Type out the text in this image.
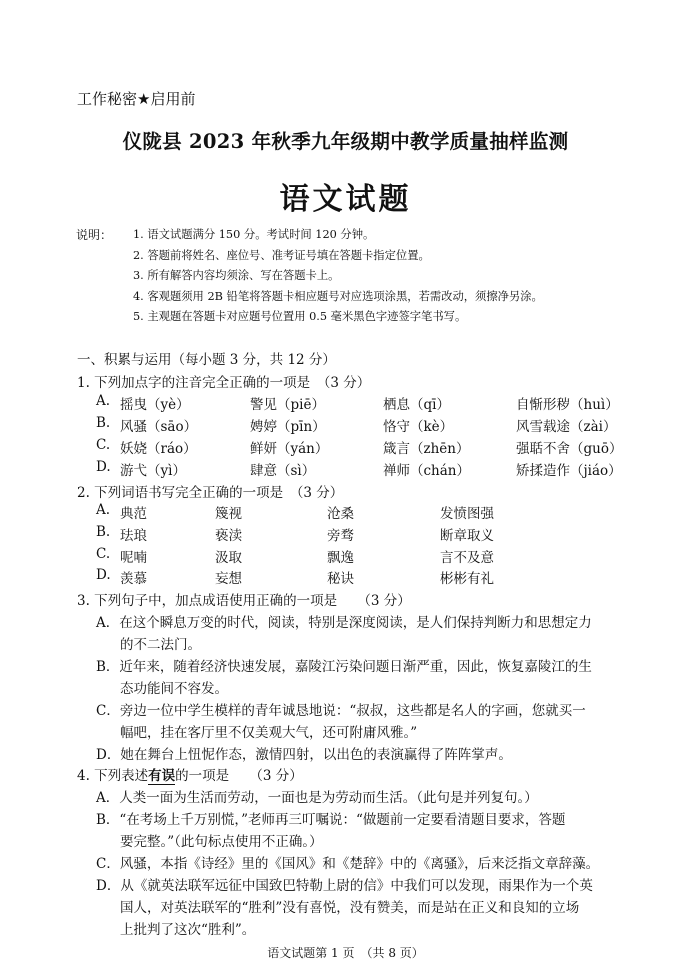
工作秘密★启用前
仪陇县 2023 年秋季九年级期中教学质量抽样监测
语文试题
说明： 1. 语文试题满分 150 分。考试时间 120 分钟。
2. 答题前将姓名、座位号、准考证号填在答题卡指定位置。
3. 所有解答内容均须涂、写在答题卡上。
4. 客观题须用 2B 铅笔将答题卡相应题号对应选项涂黑，若需改动，须擦净另涂。
5. 主观题在答题卡对应题号位置用 0.5 毫米黑色字迹签字笔书写。
一、积累与运用（每小题 3 分，共 12 分）
1. 下列加点字的注音完全正确的一项是　（3 分）
A. 摇曳（yè）	警见（piē）	栖息（qī）	自惭形秽（huì）
B. 风骚（sāo）	娉婷（pīn）	恪守（kè）	风雪载途（zài）
C. 妖娆（ráo）	鲜妍（yán）	箴言（zhēn）	强聒不舍（guō）
D. 游弋（yì）	肆意（sì）	禅师（chán）	矫揉造作（jiáo）
2. 下列词语书写完全正确的一项是　（3 分）
A. 典范	篾视	沧桑	发愤图强
B. 珐琅	亵渎	旁骛	断章取义
C. 呢喃	汲取	飘逸	言不及意
D. 羡慕	妄想	秘诀	彬彬有礼
3. 下列句子中，加点成语使用正确的一项是　　（3 分）
A．在这个瞬息万变的时代，阅读，特别是深度阅读，是人们保持判断力和思想定力
的不二法门。
B．近年来，随着经济快速发展，嘉陵江污染问题日渐严重，因此，恢复嘉陵江的生
态功能间不容发。
C．旁边一位中学生模样的青年诚恳地说：“叔叔，这些都是名人的字画，您就买一
幅吧，挂在客厅里不仅美观大气，还可附庸风雅。”
D．她在舞台上忸怩作态，激情四射，以出色的表演赢得了阵阵掌声。
4. 下列表述有误的一项是　　（3 分）
A．人类一面为生活而劳动，一面也是为劳动而生活。（此句是并列复句。）
B．“在考场上千万别慌，”老师再三叮嘱说：“做题前一定要看清题目要求，答题
要完整。”（此句标点使用不正确。）
C．风骚，本指《诗经》里的《国风》和《楚辞》中的《离骚》，后来泛指文章辞藻。
D．从《就英法联军远征中国致巴特勒上尉的信》中我们可以发现，雨果作为一个英
国人，对英法联军的“胜利”没有喜悦，没有赞美，而是站在正义和良知的立场
上批判了这次“胜利”。
语文试题第 1 页　（共 8 页）
